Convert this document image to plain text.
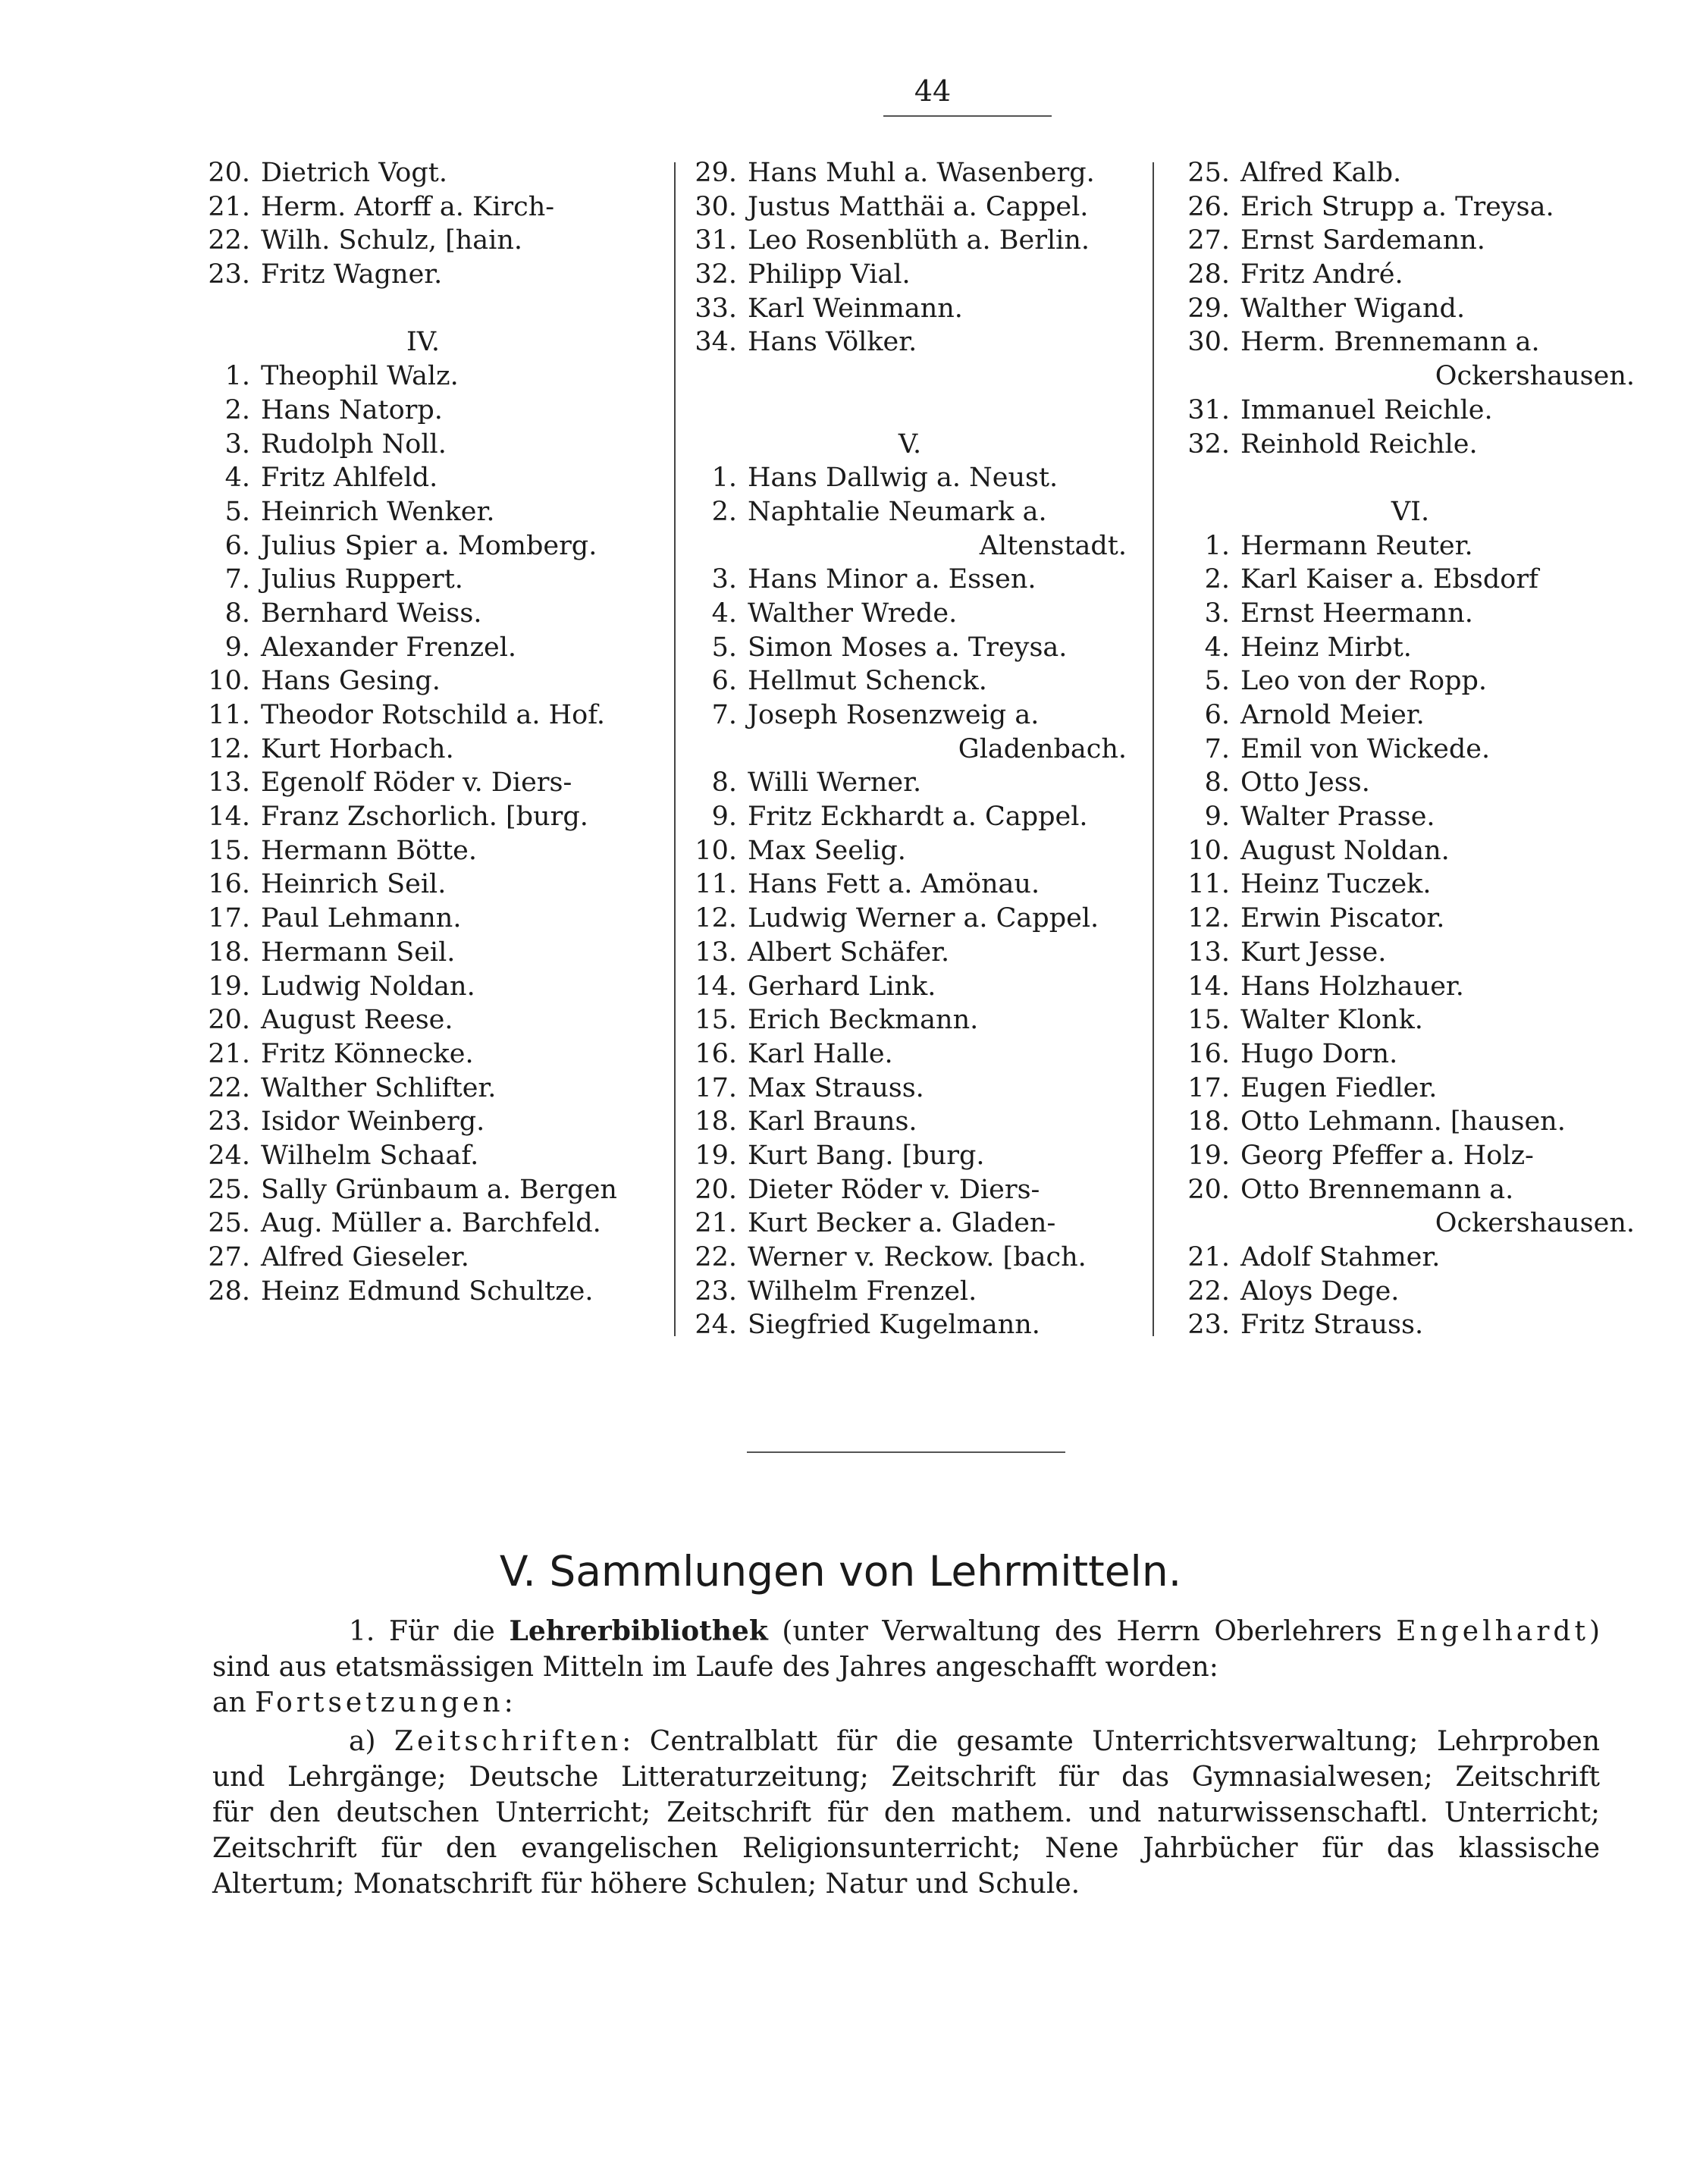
44
20. Dietrich Vogt.
21. Herm. Atorff a. Kirch-
22. Wilh. Schulz, [hain.
23. Fritz Wagner.
IV.
1. Theophil Walz.
2. Hans Natorp.
3. Rudolph Noll.
4. Fritz Ahlfeld.
5. Heinrich Wenker.
6. Julius Spier a. Momberg.
7. Julius Ruppert.
8. Bernhard Weiss.
9. Alexander Frenzel.
10. Hans Gesing.
11. Theodor Rotschild a. Hof.
12. Kurt Horbach.
13. Egenolf Röder v. Diers-
14. Franz Zschorlich. [burg.
15. Hermann Bötte.
16. Heinrich Seil.
17. Paul Lehmann.
18. Hermann Seil.
19. Ludwig Noldan.
20. August Reese.
21. Fritz Könnecke.
22. Walther Schlifter.
23. Isidor Weinberg.
24. Wilhelm Schaaf.
25. Sally Grünbaum a. Bergen
25. Aug. Müller a. Barchfeld.
27. Alfred Gieseler.
28. Heinz Edmund Schultze.
29. Hans Muhl a. Wasenberg.
30. Justus Matthäi a. Cappel.
31. Leo Rosenblüth a. Berlin.
32. Philipp Vial.
33. Karl Weinmann.
34. Hans Völker.
V.
1. Hans Dallwig a. Neust.
2. Naphtalie Neumark a.
Altenstadt.
3. Hans Minor a. Essen.
4. Walther Wrede.
5. Simon Moses a. Treysa.
6. Hellmut Schenck.
7. Joseph Rosenzweig a.
Gladenbach.
8. Willi Werner.
9. Fritz Eckhardt a. Cappel.
10. Max Seelig.
11. Hans Fett a. Amönau.
12. Ludwig Werner a. Cappel.
13. Albert Schäfer.
14. Gerhard Link.
15. Erich Beckmann.
16. Karl Halle.
17. Max Strauss.
18. Karl Brauns.
19. Kurt Bang. [burg.
20. Dieter Röder v. Diers-
21. Kurt Becker a. Gladen-
22. Werner v. Reckow. [bach.
23. Wilhelm Frenzel.
24. Siegfried Kugelmann.
25. Alfred Kalb.
26. Erich Strupp a. Treysa.
27. Ernst Sardemann.
28. Fritz André.
29. Walther Wigand.
30. Herm. Brennemann a.
Ockershausen.
31. Immanuel Reichle.
32. Reinhold Reichle.
VI.
1. Hermann Reuter.
2. Karl Kaiser a. Ebsdorf
3. Ernst Heermann.
4. Heinz Mirbt.
5. Leo von der Ropp.
6. Arnold Meier.
7. Emil von Wickede.
8. Otto Jess.
9. Walter Prasse.
10. August Noldan.
11. Heinz Tuczek.
12. Erwin Piscator.
13. Kurt Jesse.
14. Hans Holzhauer.
15. Walter Klonk.
16. Hugo Dorn.
17. Eugen Fiedler.
18. Otto Lehmann. [hausen.
19. Georg Pfeffer a. Holz-
20. Otto Brennemann a.
Ockershausen.
21. Adolf Stahmer.
22. Aloys Dege.
23. Fritz Strauss.
V. Sammlungen von Lehrmitteln.
1. Für die Lehrerbibliothek (unter Verwaltung des Herrn Oberlehrers Engelhardt)
sind aus etatsmässigen Mitteln im Laufe des Jahres angeschafft worden:
an Fortsetzungen:
a) Zeitschriften: Centralblatt für die gesamte Unterrichtsverwaltung; Lehrproben
und Lehrgänge; Deutsche Litteraturzeitung; Zeitschrift für das Gymnasialwesen; Zeitschrift
für den deutschen Unterricht; Zeitschrift für den mathem. und naturwissenschaftl. Unterricht;
Zeitschrift für den evangelischen Religionsunterricht; Nene Jahrbücher für das klassische
Altertum; Monatschrift für höhere Schulen; Natur und Schule.
